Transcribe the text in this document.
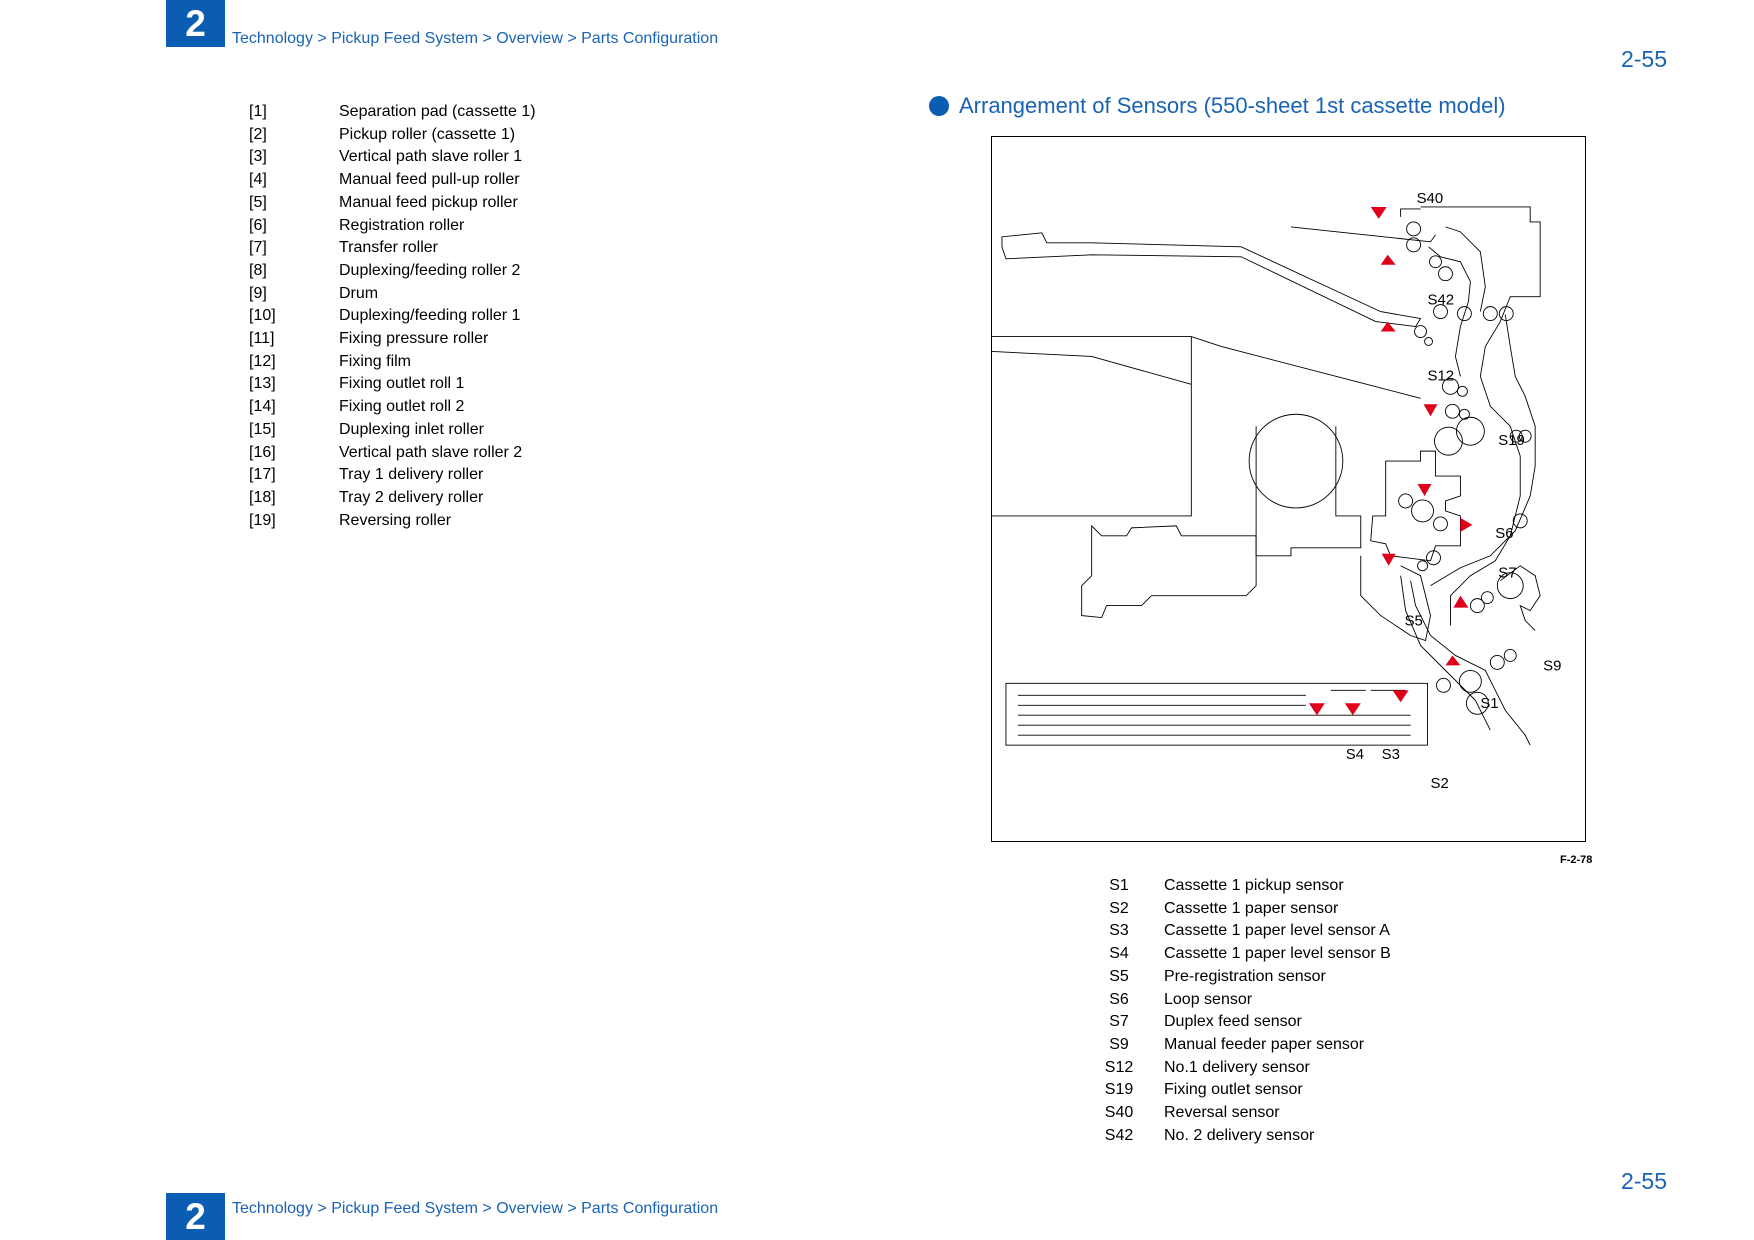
2	Technology > Pickup Feed System > Overview > Parts Configuration
2-55
[1]	Separation pad (cassette 1)
[2]	Pickup roller (cassette 1)
[3]	Vertical path slave roller 1
[4]	Manual feed pull-up roller
[5]	Manual feed pickup roller
[6]	Registration roller
[7]	Transfer roller
[8]	Duplexing/feeding roller 2
[9]	Drum
[10]	Duplexing/feeding roller 1
[11]	Fixing pressure roller
[12]	Fixing film
[13]	Fixing outlet roll 1
[14]	Fixing outlet roll 2
[15]	Duplexing inlet roller
[16]	Vertical path slave roller 2
[17]	Tray 1 delivery roller
[18]	Tray 2 delivery roller
[19]	Reversing roller
Arrangement of Sensors (550-sheet 1st cassette model)
S40
S42
S12
S19
S6
S7
S5
S9
S1
S4 S3
S2
F-2-78
S1	Cassette 1 pickup sensor
S2	Cassette 1 paper sensor
S3	Cassette 1 paper level sensor A
S4	Cassette 1 paper level sensor B
S5	Pre-registration sensor
S6	Loop sensor
S7	Duplex feed sensor
S9	Manual feeder paper sensor
S12	No.1 delivery sensor
S19	Fixing outlet sensor
S40	Reversal sensor
S42	No. 2 delivery sensor
2-55
2	Technology > Pickup Feed System > Overview > Parts Configuration
